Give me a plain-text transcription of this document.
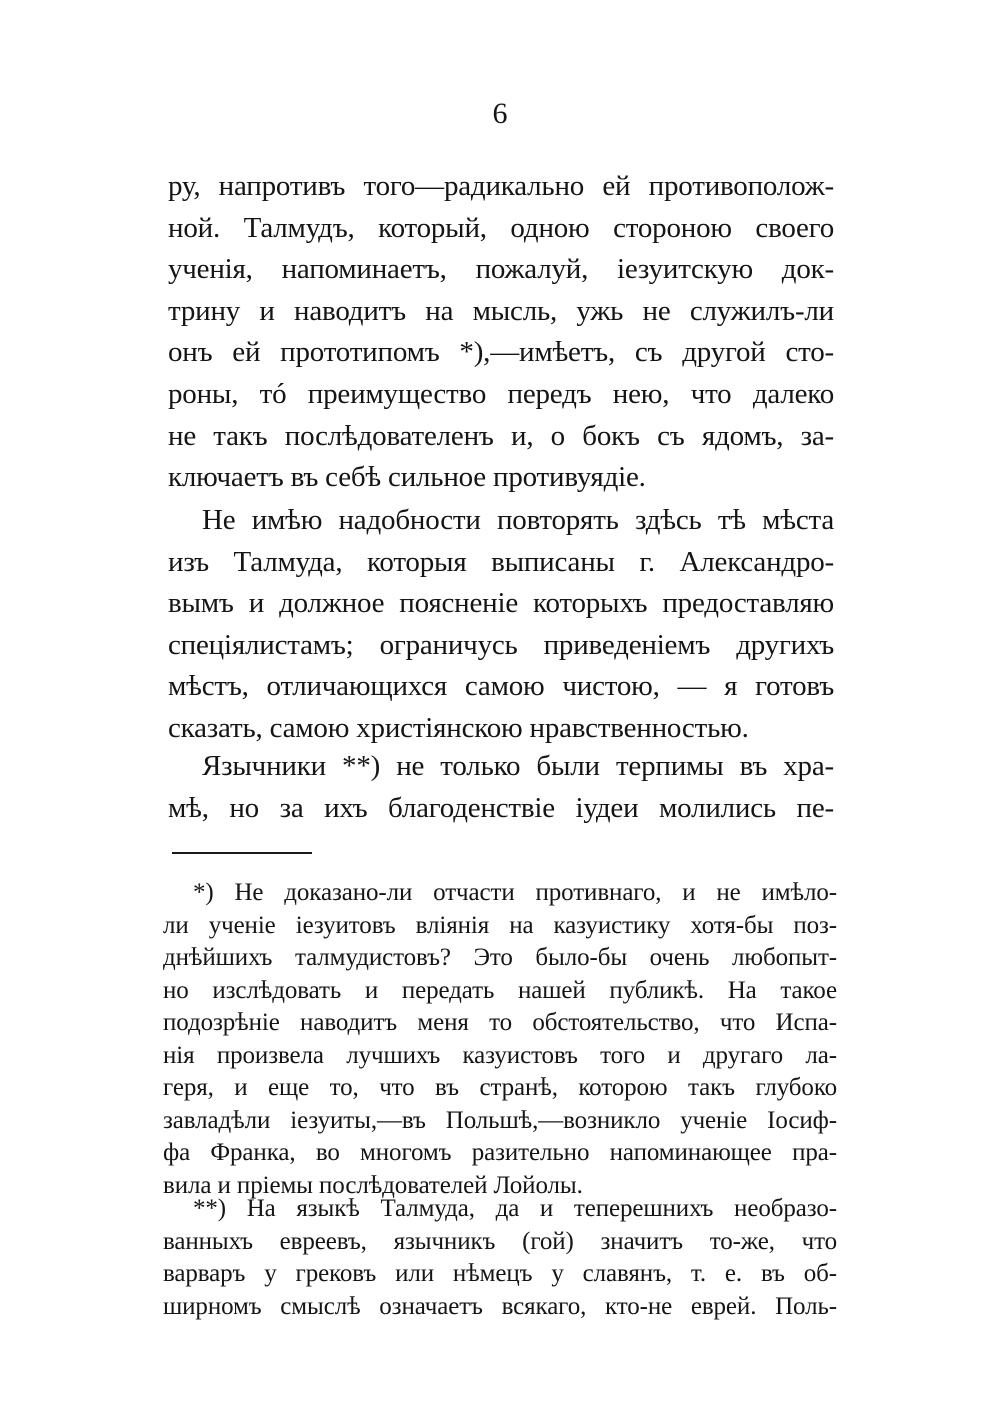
6
ру, напротивъ того—радикально ей противополож-
ной. Талмудъ, который, одною стороною своего
ученія, напоминаетъ, пожалуй, іезуитскую док-
трину и наводитъ на мысль, ужь не служилъ-ли
онъ ей прототипомъ *),—имѣетъ, съ другой сто-
роны, тó преимущество передъ нею, что далеко
не такъ послѣдователенъ и, о бокъ съ ядомъ, за-
ключаетъ въ себѣ сильное противуядіе.
Не имѣю надобности повторять здѣсь тѣ мѣста
изъ Талмуда, которыя выписаны г. Александро-
вымъ и должное поясненіе которыхъ предоставляю
спеціялистамъ; ограничусь приведеніемъ другихъ
мѣстъ, отличающихся самою чистою, — я готовъ
сказать, самою христіянскою нравственностью.
Язычники **) не только были терпимы въ хра-
мѣ, но за ихъ благоденствіе іудеи молились пе-
*) Не доказано-ли отчасти противнаго, и не имѣло-
ли ученіе іезуитовъ вліянія на казуистику хотя-бы поз-
днѣйшихъ талмудистовъ? Это было-бы очень любопыт-
но изслѣдовать и передать нашей публикѣ. На такое
подозрѣніе наводитъ меня то обстоятельство, что Испа-
нія произвела лучшихъ казуистовъ того и другаго ла-
геря, и еще то, что въ странѣ, которою такъ глубоко
завладѣли іезуиты,—въ Польшѣ,—возникло ученіе Іосиф-
фа Франка, во многомъ разительно напоминающее пра-
вила и пріемы послѣдователей Лойолы.
**) На языкѣ Талмуда, да и теперешнихъ необразо-
ванныхъ евреевъ, язычникъ (гой) значитъ то-же, что
варваръ у грековъ или нѣмецъ у славянъ, т. е. въ об-
ширномъ смыслѣ означаетъ всякаго, кто-не еврей. Поль-
